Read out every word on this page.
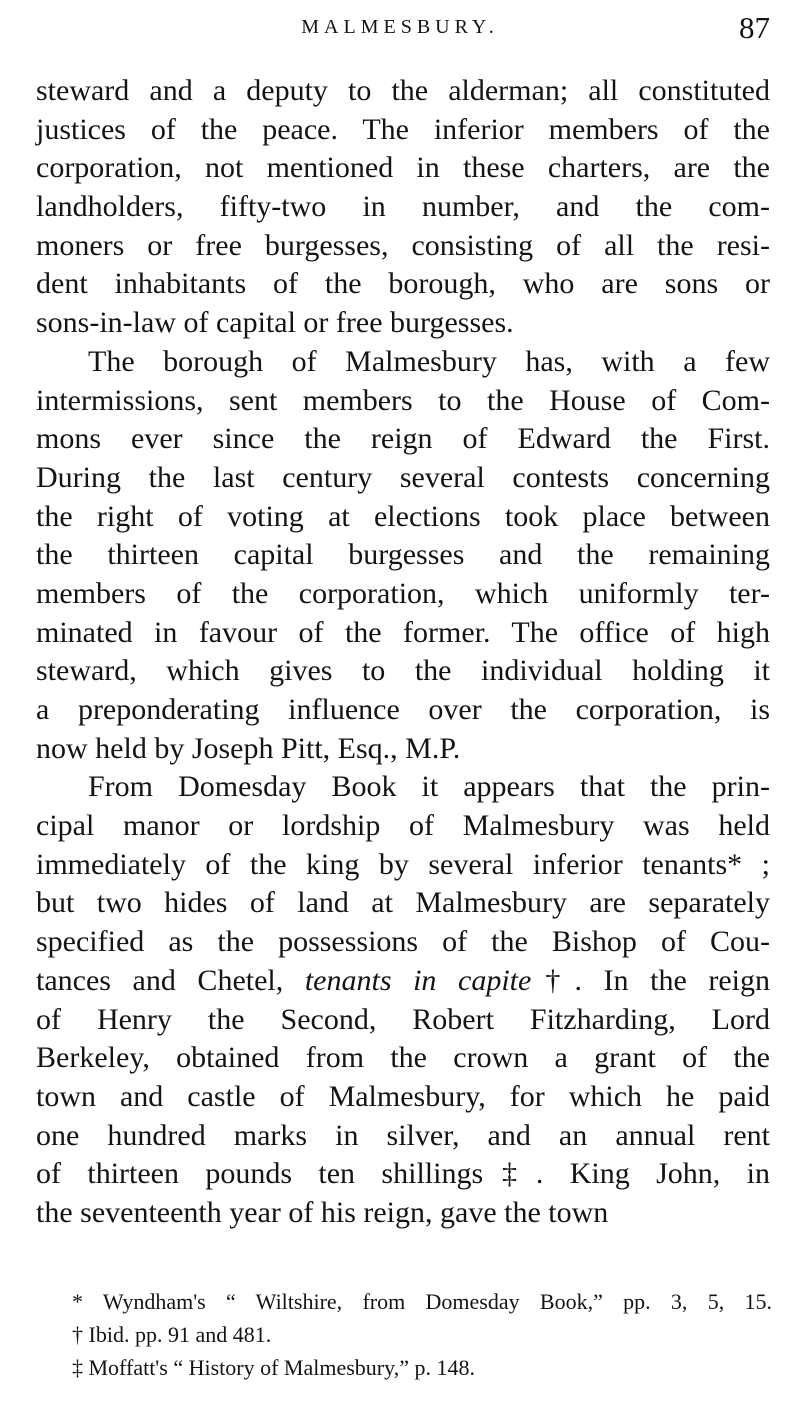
MALMESBURY.	87
steward and a deputy to the alderman; all constituted
justices of the peace. The inferior members of the
corporation, not mentioned in these charters, are the
landholders, fifty-two in number, and the com-
moners or free burgesses, consisting of all the resi-
dent inhabitants of the borough, who are sons or
sons-in-law of capital or free burgesses.
The borough of Malmesbury has, with a few
intermissions, sent members to the House of Com-
mons ever since the reign of Edward the First.
During the last century several contests concerning
the right of voting at elections took place between
the thirteen capital burgesses and the remaining
members of the corporation, which uniformly ter-
minated in favour of the former. The office of high
steward, which gives to the individual holding it
a preponderating influence over the corporation, is
now held by Joseph Pitt, Esq., M.P.
From Domesday Book it appears that the prin-
cipal manor or lordship of Malmesbury was held
immediately of the king by several inferior tenants* ;
but two hides of land at Malmesbury are separately
specified as the possessions of the Bishop of Cou-
tances and Chetel, tenants in capite†. In the reign
of Henry the Second, Robert Fitzharding, Lord
Berkeley, obtained from the crown a grant of the
town and castle of Malmesbury, for which he paid
one hundred marks in silver, and an annual rent
of thirteen pounds ten shillings‡. King John, in
the seventeenth year of his reign, gave the town
* Wyndham's “ Wiltshire, from Domesday Book,” pp. 3, 5, 15.
† Ibid. pp. 91 and 481.
‡ Moffatt's “ History of Malmesbury,” p. 148.
